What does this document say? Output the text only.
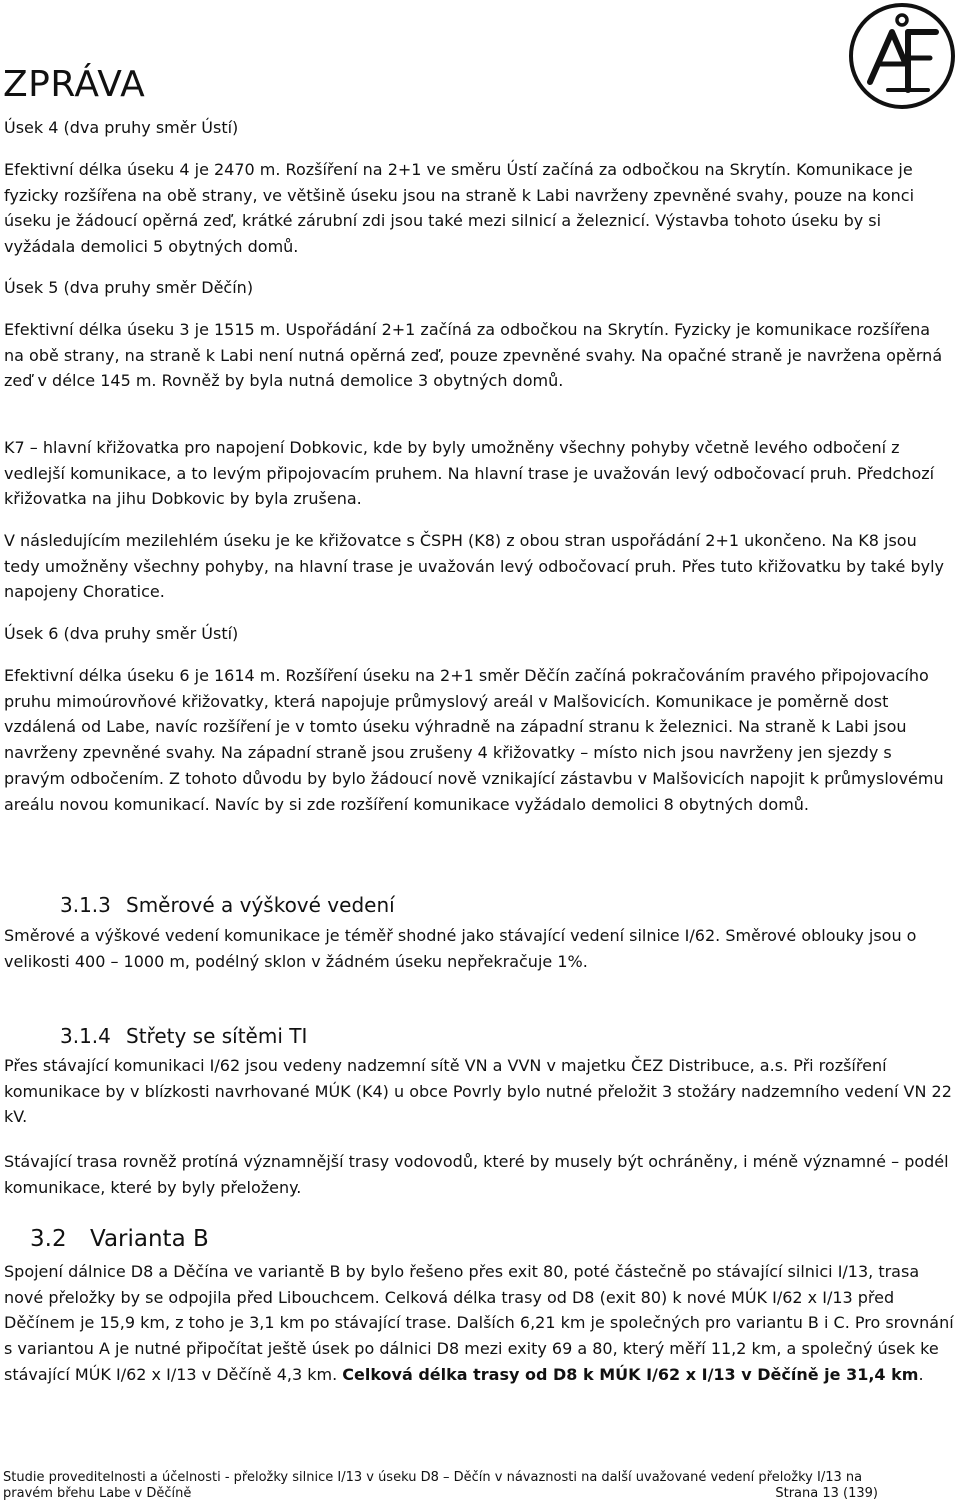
ZPRÁVA

Úsek 4 (dva pruhy směr Ústí)

Efektivní délka úseku 4 je 2470 m. Rozšíření na 2+1 ve směru Ústí začíná za odbočkou na Skrytín. Komunikace je fyzicky rozšířena na obě strany, ve většině úseku jsou na straně k Labi navrženy zpevněné svahy, pouze na konci úseku je žádoucí opěrná zeď, krátké zárubní zdi jsou také mezi silnicí a železnicí. Výstavba tohoto úseku by si vyžádala demolici 5 obytných domů.

Úsek 5 (dva pruhy směr Děčín)

Efektivní délka úseku 3 je 1515 m. Uspořádání 2+1 začíná za odbočkou na Skrytín. Fyzicky je komunikace rozšířena na obě strany, na straně k Labi není nutná opěrná zeď, pouze zpevněné svahy. Na opačné straně je navržena opěrná zeď v délce 145 m. Rovněž by byla nutná demolice 3 obytných domů.

K7 – hlavní křižovatka pro napojení Dobkovic, kde by byly umožněny všechny pohyby včetně levého odbočení z vedlejší komunikace, a to levým připojovacím pruhem. Na hlavní trase je uvažován levý odbočovací pruh. Předchozí křižovatka na jihu Dobkovic by byla zrušena.

V následujícím mezilehlém úseku je ke křižovatce s ČSPH (K8) z obou stran uspořádání 2+1 ukončeno. Na K8 jsou tedy umožněny všechny pohyby, na hlavní trase je uvažován levý odbočovací pruh. Přes tuto křižovatku by také byly napojeny Choratice.

Úsek 6 (dva pruhy směr Ústí)

Efektivní délka úseku 6 je 1614 m. Rozšíření úseku na 2+1 směr Děčín začíná pokračováním pravého připojovacího pruhu mimoúrovňové křižovatky, která napojuje průmyslový areál v Malšovicích. Komunikace je poměrně dost vzdálená od Labe, navíc rozšíření je v tomto úseku výhradně na západní stranu k železnici. Na straně k Labi jsou navrženy zpevněné svahy. Na západní straně jsou zrušeny 4 křižovatky – místo nich jsou navrženy jen sjezdy s pravým odbočením. Z tohoto důvodu by bylo žádoucí nově vznikající zástavbu v Malšovicích napojit k průmyslovému areálu novou komunikací. Navíc by si zde rozšíření komunikace vyžádalo demolici 8 obytných domů.

3.1.3 Směrové a výškové vedení

Směrové a výškové vedení komunikace je téměř shodné jako stávající vedení silnice I/62. Směrové oblouky jsou o velikosti 400 – 1000 m, podélný sklon v žádném úseku nepřekračuje 1%.

3.1.4 Střety se sítěmi TI

Přes stávající komunikaci I/62 jsou vedeny nadzemní sítě VN a VVN v majetku ČEZ Distribuce, a.s. Při rozšíření komunikace by v blízkosti navrhované MÚK (K4) u obce Povrly bylo nutné přeložit 3 stožáry nadzemního vedení VN 22 kV.

Stávající trasa rovněž protíná významnější trasy vodovodů, které by musely být ochráněny, i méně významné – podél komunikace, které by byly přeloženy.

3.2 Varianta B

Spojení dálnice D8 a Děčína ve variantě B by bylo řešeno přes exit 80, poté částečně po stávající silnici I/13, trasa nové přeložky by se odpojila před Libouchcem. Celková délka trasy od D8 (exit 80) k nové MÚK I/62 x I/13 před Děčínem je 15,9 km, z toho je 3,1 km po stávající trase. Dalších 6,21 km je společných pro variantu B i C. Pro srovnání s variantou A je nutné připočítat ještě úsek po dálnici D8 mezi exity 69 a 80, který měří 11,2 km, a společný úsek ke stávající MÚK I/62 x I/13 v Děčíně 4,3 km. Celková délka trasy od D8 k MÚK I/62 x I/13 v Děčíně je 31,4 km.

Studie proveditelnosti a účelnosti - přeložky silnice I/13 v úseku D8 – Děčín v návaznosti na další uvažované vedení přeložky I/13 na
pravém břehu Labe v Děčíně	Strana 13 (139)
